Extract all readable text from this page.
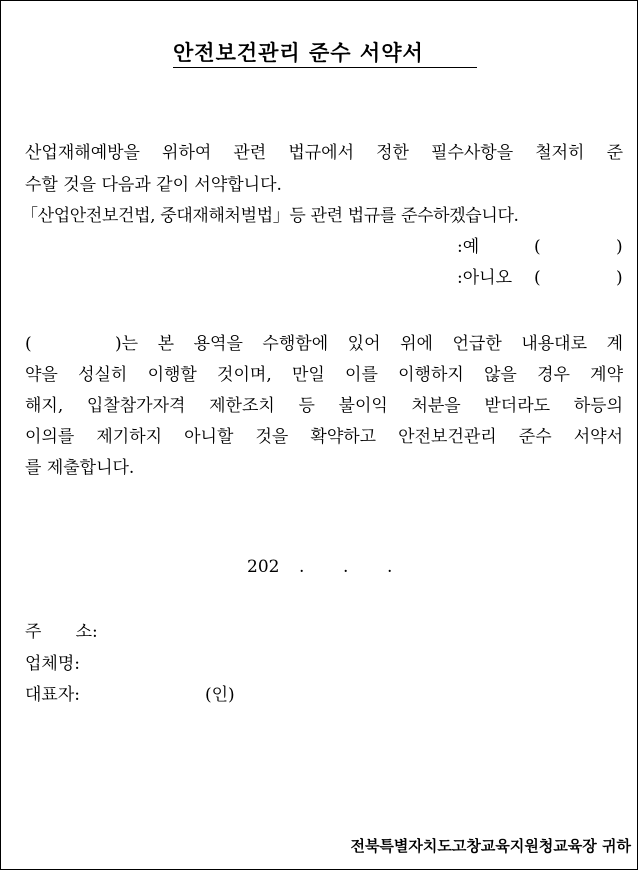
안전보건관리 준수 서약서
산업재해예방을 위하여 관련 법규에서 정한 필수사항을 철저히 준
수할 것을 다음과 같이 서약합니다.
「산업안전보건법, 중대재해처벌법」등 관련 법규를 준수하겠습니다.
:예	(	)
:아니오 (	)
(	)는 본 용역을 수행함에 있어 위에 언급한 내용대로 계
약을 성실히 이행할 것이며, 만일 이를 이행하지 않을 경우 계약
해지, 입찰참가자격 제한조치 등 불이익 처분을 받더라도 하등의
이의를 제기하지 아니할 것을 확약하고 안전보건관리 준수 서약서
를 제출합니다.
202 . . .
주   소:
업체명:
대표자:	(인)
전북특별자치도고창교육지원청교육장 귀하
